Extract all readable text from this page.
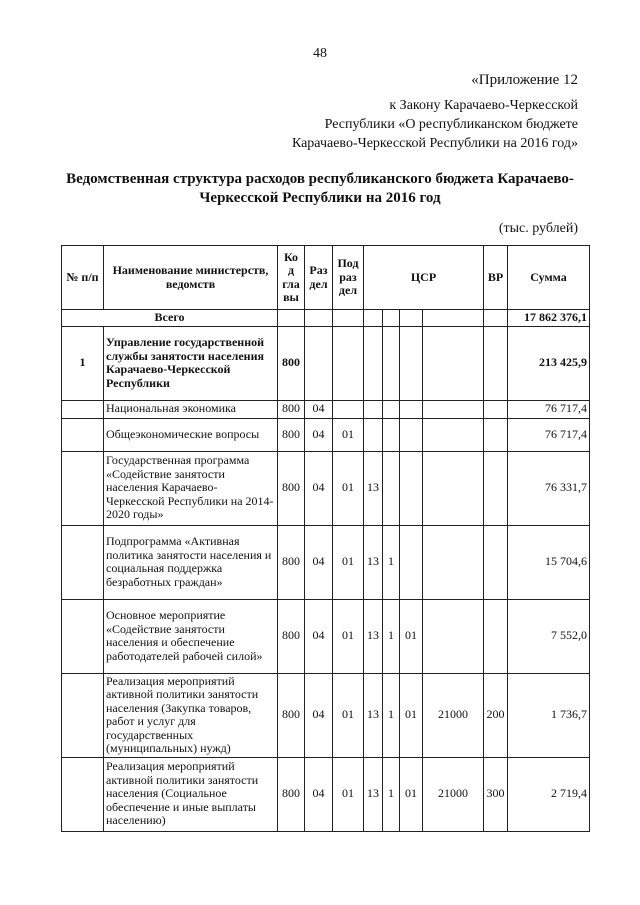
48
«Приложение 12
к Закону Карачаево-Черкесской
Республики «О республиканском бюджете
Карачаево-Черкесской Республики на 2016 год»
Ведомственная структура расходов республиканского бюджета Карачаево-
Черкесской Республики на 2016 год
(тыс. рублей)
№ п/п	Наименование министерств, ведомств	Ко д гла вы	Раз дел	Под раз дел	ЦСР				ВР	Сумма
Всего										17 862 376,1
1	Управление государственной службы занятости населения Карачаево-Черкесской Республики	800								213 425,9
	Национальная экономика	800	04							76 717,4
	Общеэкономические вопросы	800	04	01						76 717,4
	Государственная программа «Содействие занятости населения Карачаево-Черкесской Республики на 2014-2020 годы»	800	04	01	13					76 331,7
	Подпрограмма «Активная политика занятости населения и социальная поддержка безработных граждан»	800	04	01	13	1				15 704,6
	Основное мероприятие «Содействие занятости населения и обеспечение работодателей рабочей силой»	800	04	01	13	1	01			7 552,0
	Реализация мероприятий активной политики занятости населения (Закупка товаров, работ и услуг для государственных (муниципальных) нужд)	800	04	01	13	1	01	21000	200	1 736,7
	Реализация мероприятий активной политики занятости населения (Социальное обеспечение и иные выплаты населению)	800	04	01	13	1	01	21000	300	2 719,4
